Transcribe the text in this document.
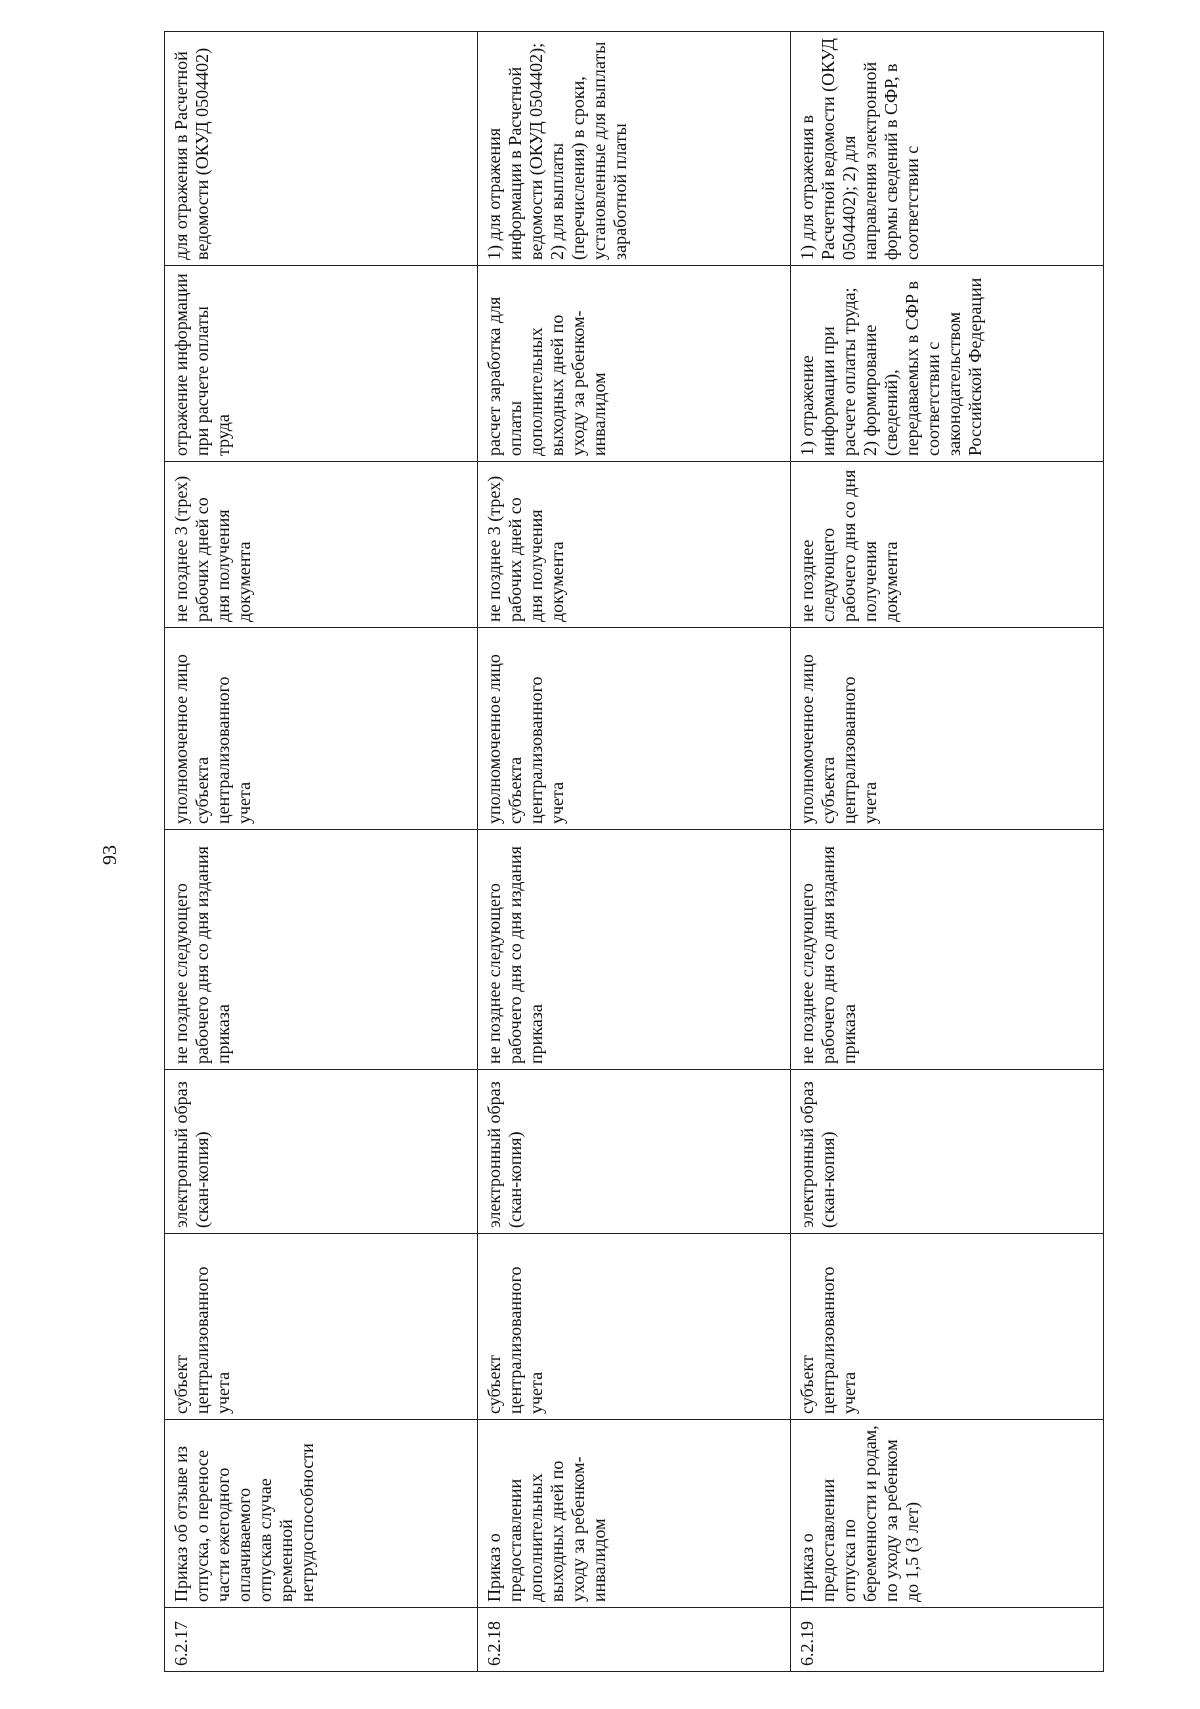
93
6.2.17	Приказ об отзыве из отпуска, о переносе части ежегодного оплачиваемого отпускав случае временной нетрудоспособности	субъект централизованного учета	электронный образ (скан-копия)	не позднее следующего рабочего дня со дня издания приказа	уполномоченное лицо субъекта централизованного учета	не позднее 3 (трех) рабочих дней со дня получения документа	отражение информации при расчете оплаты труда	для отражения в Расчетной ведомости (ОКУД 0504402)
6.2.18	Приказ о предоставлении дополнительных выходных дней по уходу за ребенком-инвалидом	субъект централизованного учета	электронный образ (скан-копия)	не позднее следующего рабочего дня со дня издания приказа	уполномоченное лицо субъекта централизованного учета	не позднее 3 (трех) рабочих дней со дня получения документа	расчет заработка для оплаты дополнительных выходных дней по уходу за ребенком-инвалидом	1) для отражения информации в Расчетной ведомости (ОКУД 0504402); 2) для выплаты (перечисления) в сроки, установленные для выплаты заработной платы
6.2.19	Приказ о предоставлении отпуска по беременности и родам, по уходу за ребенком до 1,5 (3 лет)	субъект централизованного учета	электронный образ (скан-копия)	не позднее следующего рабочего дня со дня издания приказа	уполномоченное лицо субъекта централизованного учета	не позднее следующего рабочего дня со дня получения документа	1) отражение информации при расчете оплаты труда; 2) формирование (сведений), передаваемых в СФР в соответствии с законодательством Российской Федерации	1) для отражения в Расчетной ведомости (ОКУД 0504402); 2) для направления электронной формы сведений в СФР, в соответствии с
